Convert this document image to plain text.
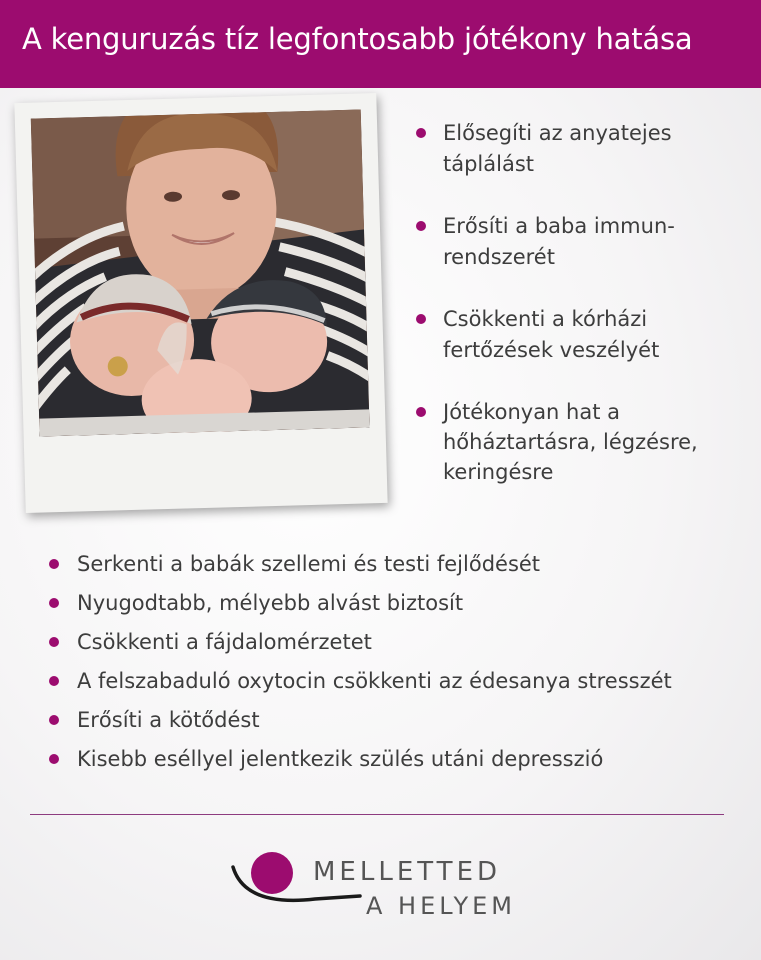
A kenguruzás tíz legfontosabb jótékony hatása
Elősegíti az anyatejes
táplálást
Erősíti a baba immun-
rendszerét
Csökkenti a kórházi
fertőzések veszélyét
Jótékonyan hat a
hőháztartásra, légzésre,
keringésre
Serkenti a babák szellemi és testi fejlődését
Nyugodtabb, mélyebb alvást biztosít
Csökkenti a fájdalomérzetet
A felszabaduló oxytocin csökkenti az édesanya stresszét
Erősíti a kötődést
Kisebb eséllyel jelentkezik szülés utáni depresszió
MELLETTED
A HELYEM
